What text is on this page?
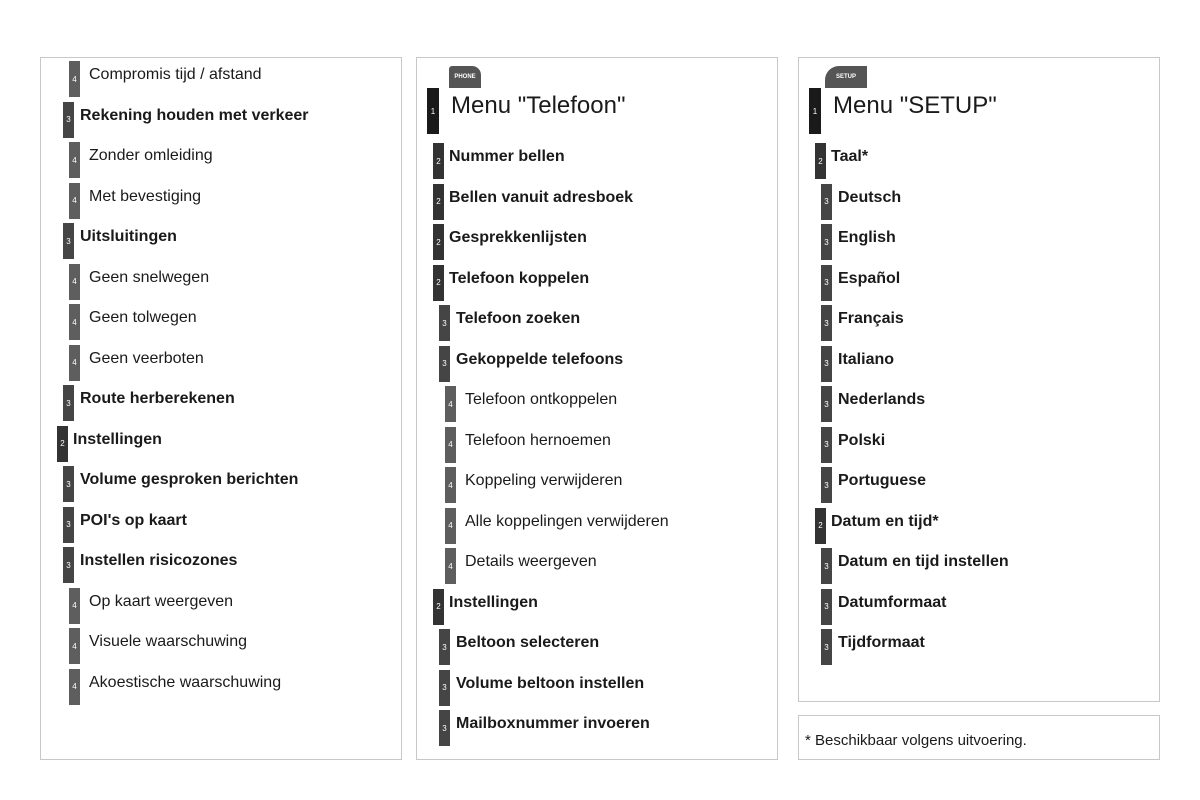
4 Compromis tijd / afstand
3 Rekening houden met verkeer
4 Zonder omleiding
4 Met bevestiging
3 Uitsluitingen
4 Geen snelwegen
4 Geen tolwegen
4 Geen veerboten
3 Route herberekenen
2 Instellingen
3 Volume gesproken berichten
3 POI's op kaart
3 Instellen risicozones
4 Op kaart weergeven
4 Visuele waarschuwing
4 Akoestische waarschuwing
PHONE
1 Menu "Telefoon"
2 Nummer bellen
2 Bellen vanuit adresboek
2 Gesprekkenlijsten
2 Telefoon koppelen
3 Telefoon zoeken
3 Gekoppelde telefoons
4 Telefoon ontkoppelen
4 Telefoon hernoemen
4 Koppeling verwijderen
4 Alle koppelingen verwijderen
4 Details weergeven
2 Instellingen
3 Beltoon selecteren
3 Volume beltoon instellen
3 Mailboxnummer invoeren
SETUP
1 Menu "SETUP"
2 Taal*
3 Deutsch
3 English
3 Español
3 Français
3 Italiano
3 Nederlands
3 Polski
3 Portuguese
2 Datum en tijd*
3 Datum en tijd instellen
3 Datumformaat
3 Tijdformaat
* Beschikbaar volgens uitvoering.
